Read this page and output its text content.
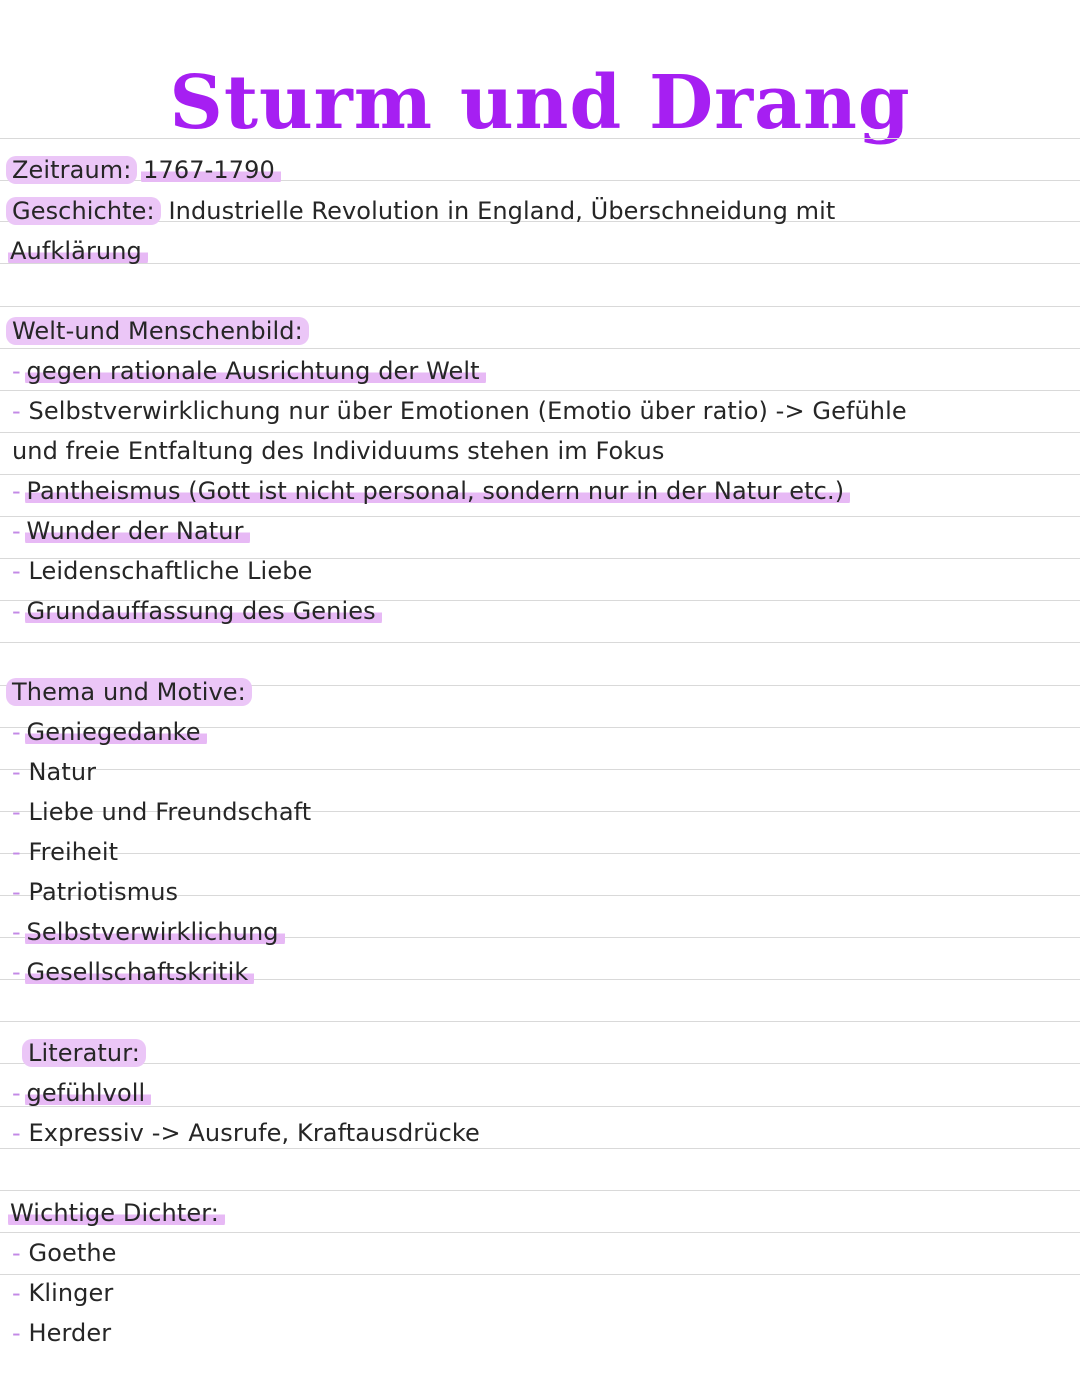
Sturm und Drang
Zeitraum: 1767-1790
Geschichte: Industrielle Revolution in England, Überschneidung mit
Aufklärung
Welt-und Menschenbild:
- gegen rationale Ausrichtung der Welt
- Selbstverwirklichung nur über Emotionen (Emotio über ratio) -> Gefühle
und freie Entfaltung des Individuums stehen im Fokus
- Pantheismus (Gott ist nicht personal, sondern nur in der Natur etc.)
- Wunder der Natur
- Leidenschaftliche Liebe
- Grundauffassung des Genies
Thema und Motive:
- Geniegedanke
- Natur
- Liebe und Freundschaft
- Freiheit
- Patriotismus
- Selbstverwirklichung
- Gesellschaftskritik
Literatur:
- gefühlvoll
- Expressiv -> Ausrufe, Kraftausdrücke
Wichtige Dichter:
- Goethe
- Klinger
- Herder
